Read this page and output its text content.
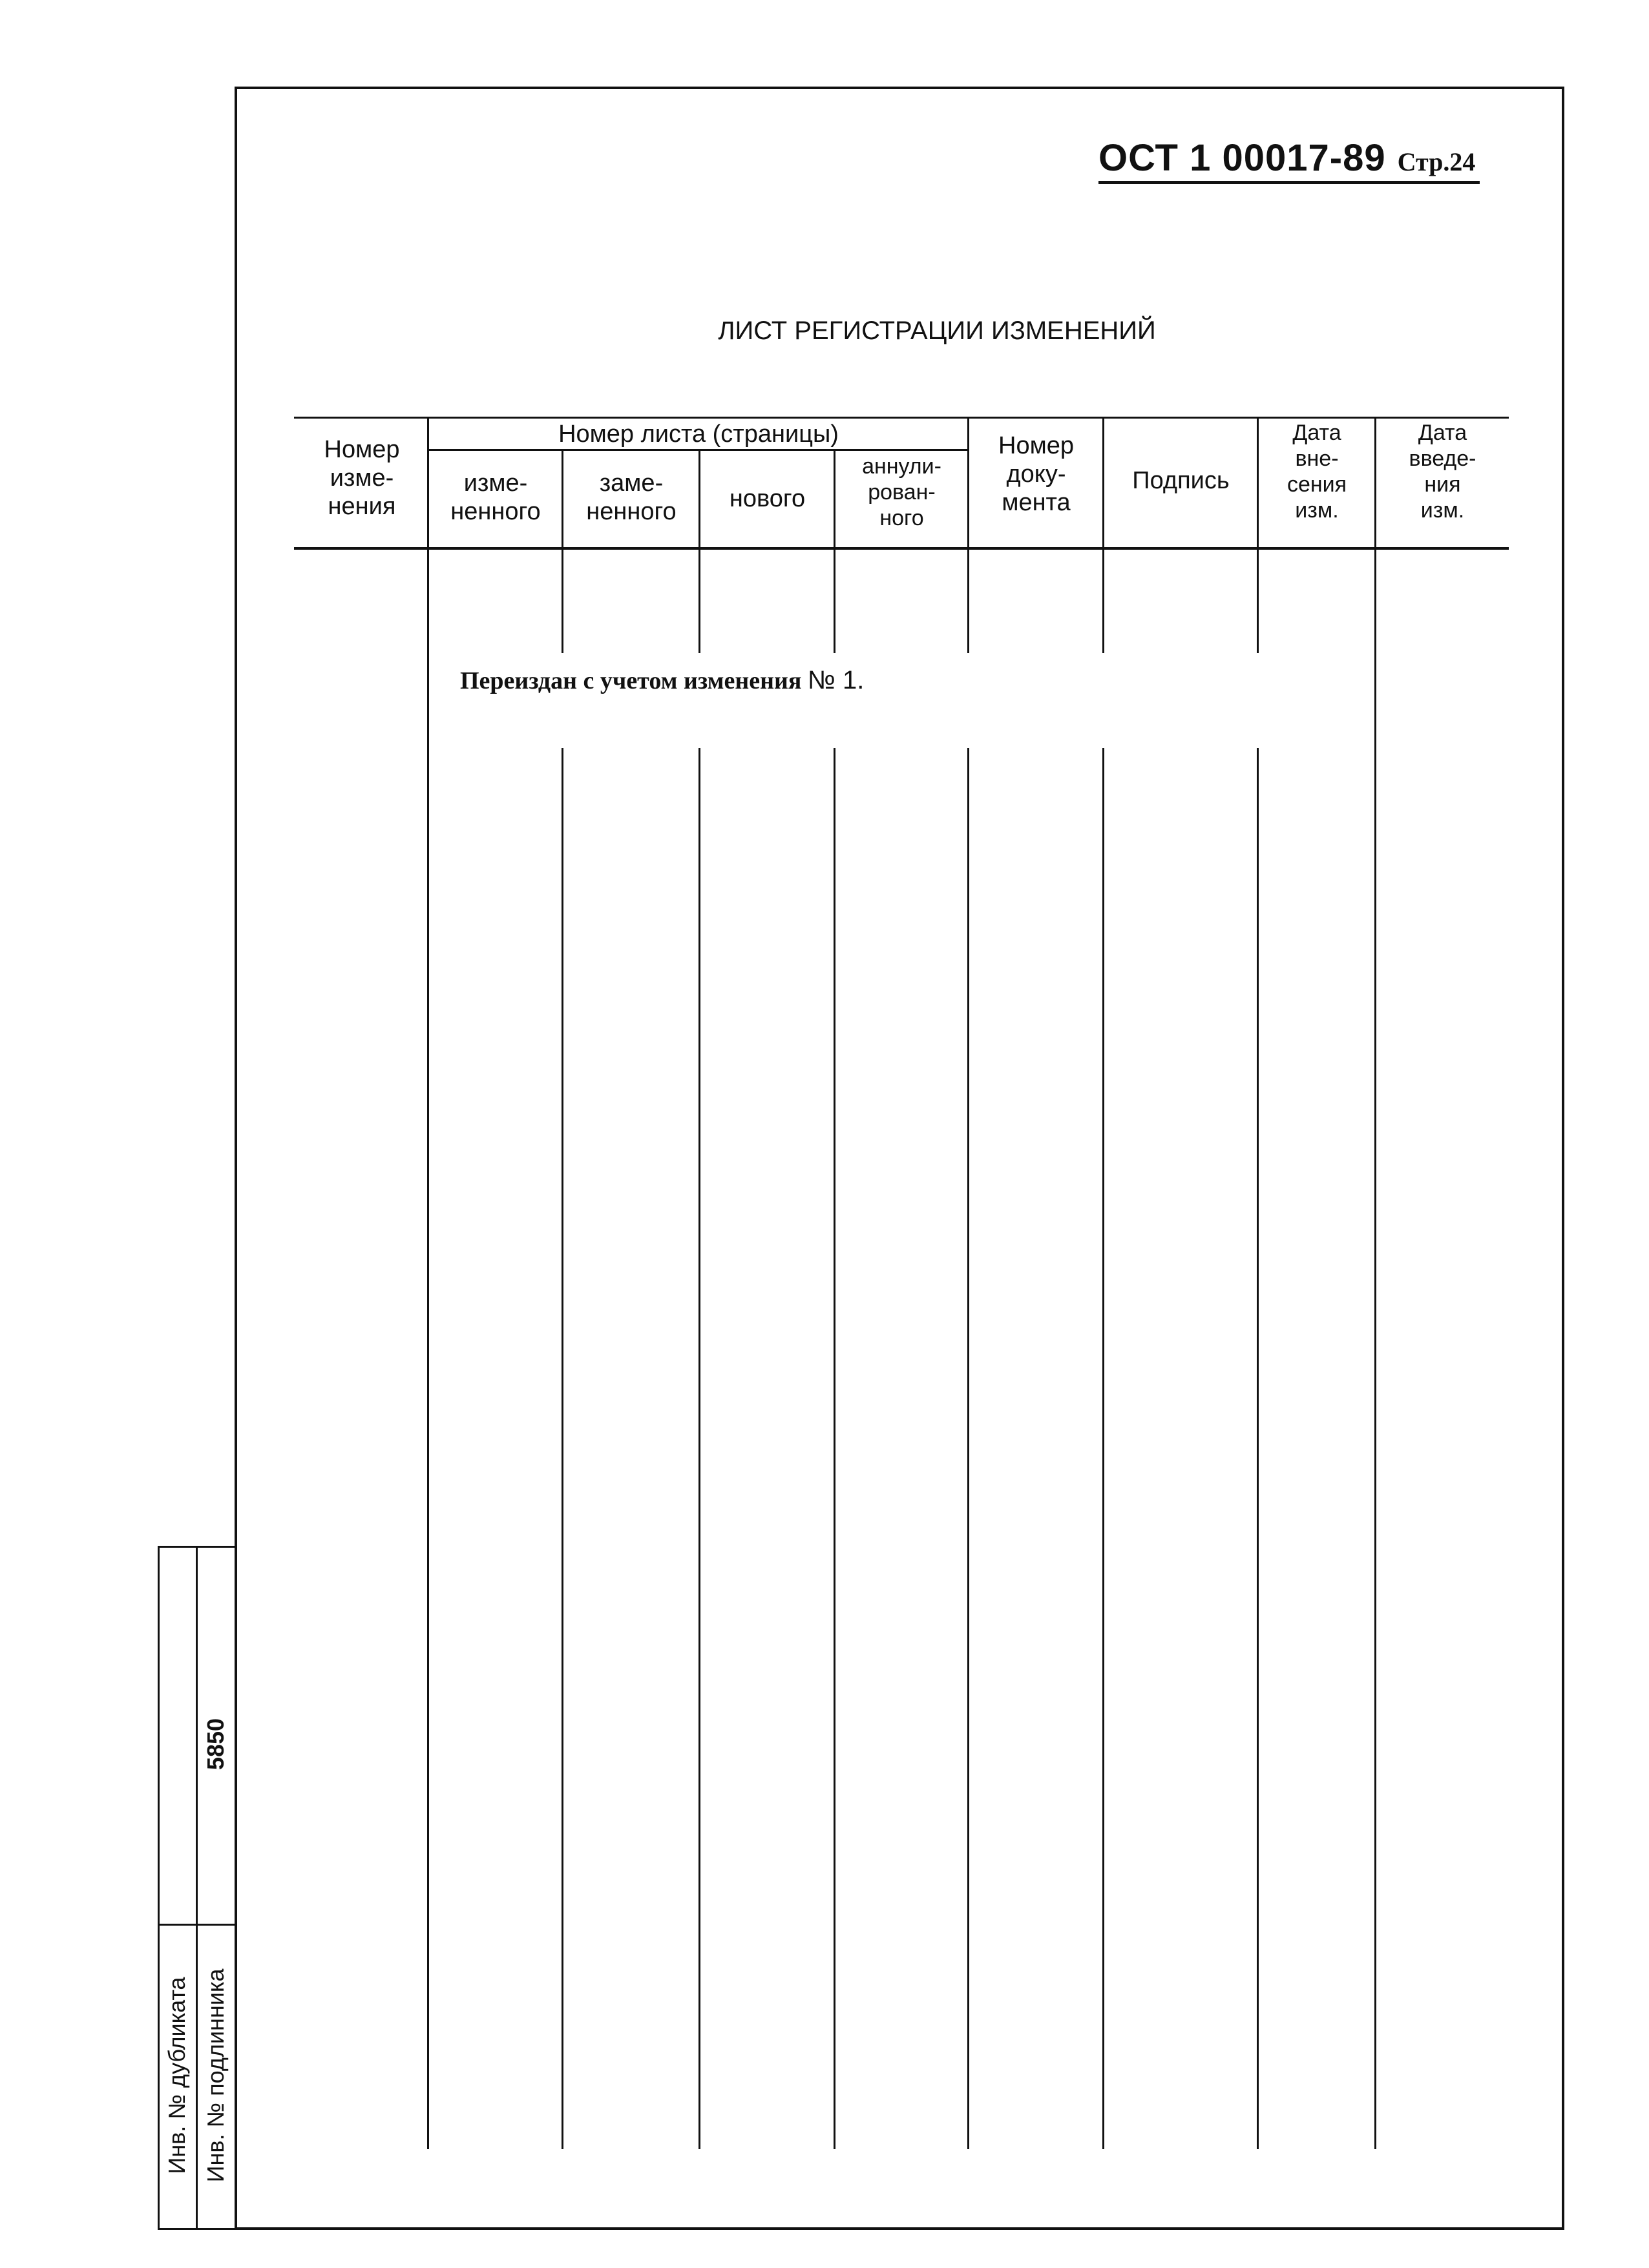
ОСТ 1 00017-89 Стр.24
ЛИСТ РЕГИСТРАЦИИ ИЗМЕНЕНИЙ
Номер
изме-
нения
Номер листа (страницы)
изме-
ненного
заме-
ненного	нового
аннули-
рован-
ного
Номер
доку-
мента
Подпись
Дата
вне-
сения
изм.
Дата
введе-
ния
изм.
Переиздан с учетом изменения № 1.
Инв. № дубликата Инв. № подлинника
5850
